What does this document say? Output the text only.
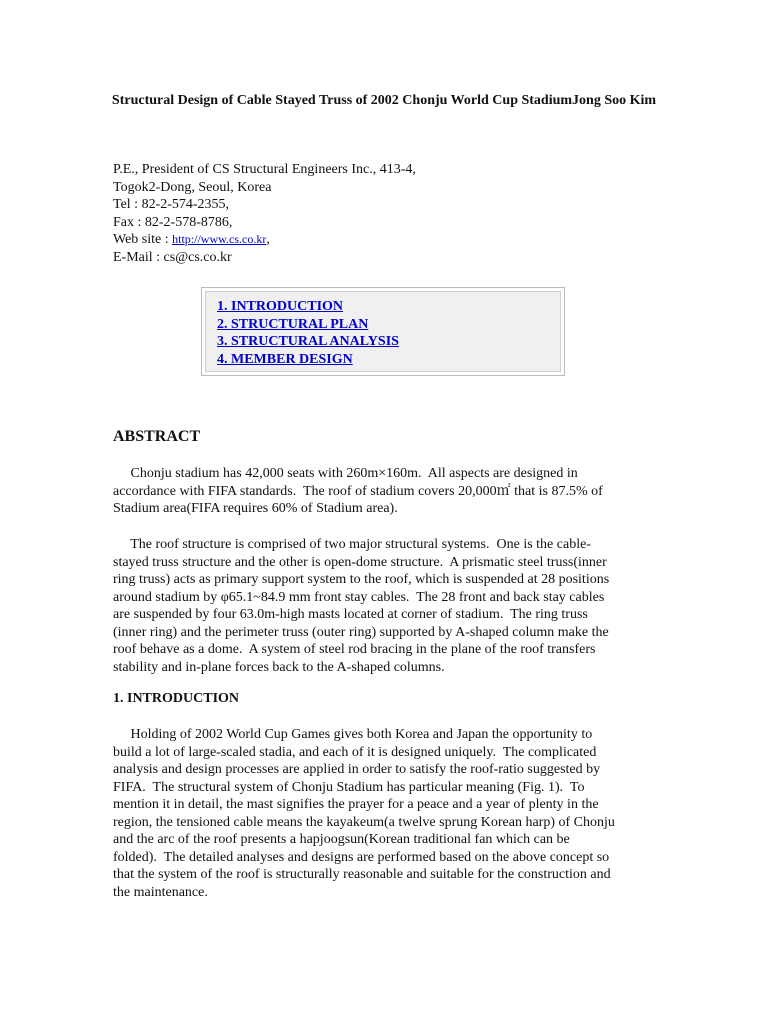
Structural Design of Cable Stayed Truss of 2002 Chonju World Cup StadiumJong Soo Kim
P.E., President of CS Structural Engineers Inc., 413-4,
Togok2-Dong, Seoul, Korea
Tel : 82-2-574-2355,
Fax : 82-2-578-8786,
Web site : http://www.cs.co.kr,
E-Mail : cs@cs.co.kr
1. INTRODUCTION
2. STRUCTURAL PLAN
3. STRUCTURAL ANALYSIS
4. MEMBER DESIGN
ABSTRACT

Chonju stadium has 42,000 seats with 260m×160m.  All aspects are designed in
accordance with FIFA standards.  The roof of stadium covers 20,000㎡ that is 87.5% of
Stadium area(FIFA requires 60% of Stadium area).

The roof structure is comprised of two major structural systems.  One is the cable-
stayed truss structure and the other is open-dome structure.  A prismatic steel truss(inner
ring truss) acts as primary support system to the roof, which is suspended at 28 positions
around stadium by φ65.1~84.9 mm front stay cables.  The 28 front and back stay cables
are suspended by four 63.0m-high masts located at corner of stadium.  The ring truss
(inner ring) and the perimeter truss (outer ring) supported by A-shaped column make the
roof behave as a dome.  A system of steel rod bracing in the plane of the roof transfers
stability and in-plane forces back to the A-shaped columns.

1. INTRODUCTION

Holding of 2002 World Cup Games gives both Korea and Japan the opportunity to
build a lot of large-scaled stadia, and each of it is designed uniquely.  The complicated
analysis and design processes are applied in order to satisfy the roof-ratio suggested by
FIFA.  The structural system of Chonju Stadium has particular meaning (Fig. 1).  To
mention it in detail, the mast signifies the prayer for a peace and a year of plenty in the
region, the tensioned cable means the kayakeum(a twelve sprung Korean harp) of Chonju
and the arc of the roof presents a hapjoogsun(Korean traditional fan which can be
folded).  The detailed analyses and designs are performed based on the above concept so
that the system of the roof is structurally reasonable and suitable for the construction and
the maintenance.
